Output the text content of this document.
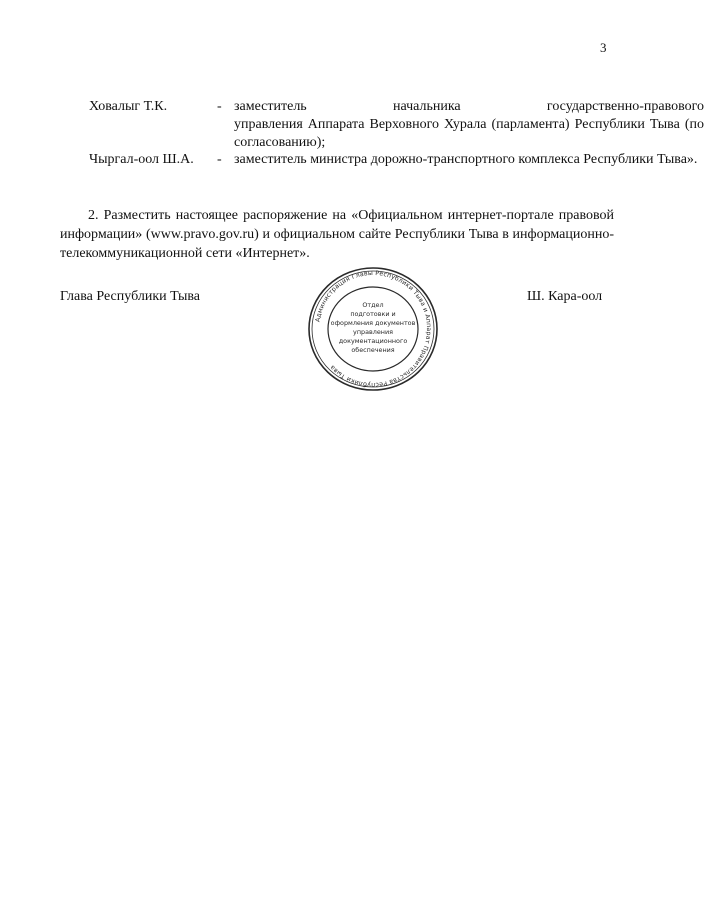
3
Ховалыг Т.К.	- заместитель начальника государственно-правового
управления Аппарата Верховного Хурала (парламента) Республики Тыва (по согласованию);
Чыргал-оол Ш.А. - заместитель министра дорожно-транспортного комплекса Республики Тыва».

2. Разместить настоящее распоряжение на «Официальном интернет-портале правовой информации» (www.pravo.gov.ru) и официальном сайте Республики Тыва в информационно-телекоммуникационной сети «Интернет».

Глава Республики Тыва	Ш. Кара-оол
Администрация Главы Республики Тыва и Аппарат Правительства Республики Тыва
Отдел
подготовки и
оформления документов
управления
документационного
обеспечения
